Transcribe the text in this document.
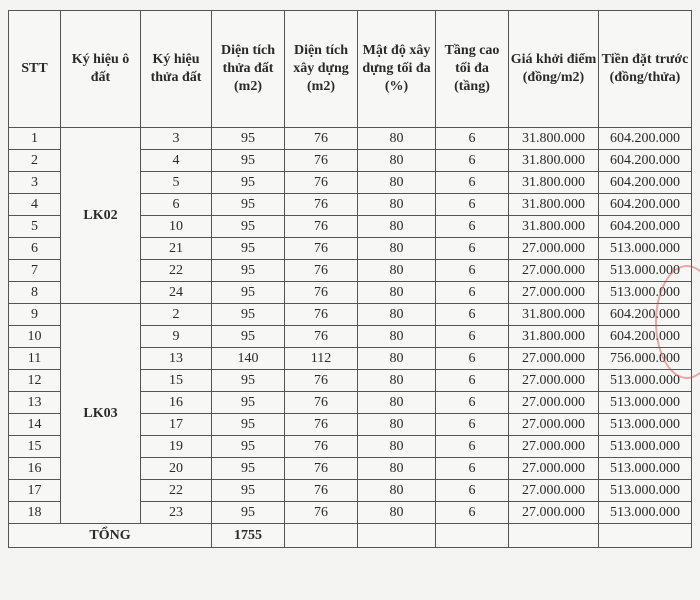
STT	Ký hiệu ô đất	Ký hiệu thửa đất	Diện tích thửa đất (m2)	Diện tích xây dựng (m2)	Mật độ xây dựng tối đa (%)	Tầng cao tối đa (tầng)	Giá khởi điểm (đồng/m2)	Tiền đặt trước (đồng/thửa)
1	LK02	3	95	76	80	6	31.800.000	604.200.000
2		4	95	76	80	6	31.800.000	604.200.000
3		5	95	76	80	6	31.800.000	604.200.000
4		6	95	76	80	6	31.800.000	604.200.000
5		10	95	76	80	6	31.800.000	604.200.000
6		21	95	76	80	6	27.000.000	513.000.000
7		22	95	76	80	6	27.000.000	513.000.000
8		24	95	76	80	6	27.000.000	513.000.000
9	LK03	2	95	76	80	6	31.800.000	604.200.000
10		9	95	76	80	6	31.800.000	604.200.000
11		13	140	112	80	6	27.000.000	756.000.000
12		15	95	76	80	6	27.000.000	513.000.000
13		16	95	76	80	6	27.000.000	513.000.000
14		17	95	76	80	6	27.000.000	513.000.000
15		19	95	76	80	6	27.000.000	513.000.000
16		20	95	76	80	6	27.000.000	513.000.000
17		22	95	76	80	6	27.000.000	513.000.000
18		23	95	76	80	6	27.000.000	513.000.000
TỔNG			1755					
